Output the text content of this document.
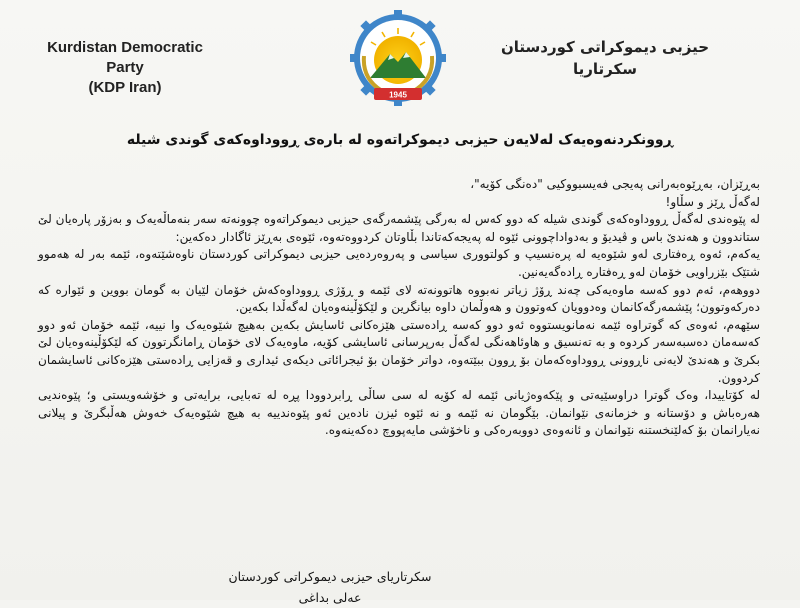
Kurdistan Democratic Party
(KDP Iran)	1945
حیزبی دیموکراتی کوردستان
سکرتاریا
ڕوونکردنەوەیەک لەلایەن حیزبی دیموکراتەوە لە بارەی ڕووداوەکەی گوندی شیلە

بەڕێزان، بەڕێوەبەرانی پەیجی فەیسبووکیی "دەنگی کۆیە"،

لەگەڵ ڕێز و سڵاو!

لە پێوەندی لەگەڵ ڕووداوەکەی گوندی شیلە کە دوو کەس لە بەرگی پێشمەرگەی حیزبی دیموکراتەوە چوونەتە سەر بنەماڵەیەک و بەزۆر پارەیان لێ ستاندوون و هەندێ باس و ڤیدیۆ و بەدواداچوونی ئێوە لە پەیجەکەتاندا بڵاوتان کردووەتەوە، ئێوەی بەڕێز ئاگادار دەکەین:

یەکەم، ئەوە ڕەفتاری لەو شێوەیە لە پرەنسیپ و کولتووری سیاسی و پەروەردەیی حیزبی دیموکراتی کوردستان ناوەشێتەوە، ئێمە بەر لە هەموو شتێک بێزراویی خۆمان لەو ڕەفتارە ڕادەگەیەنین.

دووهەم، ئەم دوو کەسە ماوەیەکی چەند ڕۆژ زیاتر نەبووە هاتوونەتە لای ئێمە و ڕۆژی ڕووداوەکەش خۆمان لێیان بە گومان بووین و ئێوارە کە دەرکەوتوون؛ پێشمەرگەکانمان وەدوویان کەوتوون و هەوڵمان داوە بیانگرین و لێکۆڵینەوەیان لەگەڵدا بکەین.

سێهەم، ئەوەی کە گوتراوە ئێمە نەمانویستووە ئەو دوو کەسە ڕادەستی هێزەکانی ئاسایش بکەین بەهیچ شێوەیەک وا نییە، ئێمە خۆمان ئەو دوو کەسەمان دەسبەسەر کردوە و بە تەنسیق و هاوئاهەنگی لەگەڵ بەرپرسانی ئاسایشی کۆیە، ماوەیەک لای خۆمان ڕامانگرتوون کە لێکۆڵینەوەیان لێ بکرێ و هەندێ لایەنی ناڕوونی ڕووداوەکەمان بۆ ڕوون ببێتەوە، دواتر خۆمان بۆ ئیجرائاتی دیکەی ئیداری و قەزایی ڕادەستی هێزەکانی ئاسایشمان کردوون.

لە کۆتاییدا، وەک گوترا دراوسێیەتی و پێکەوەژیانی ئێمە لە کۆیە لە سی ساڵی ڕابردوودا پڕە لە تەبایی، برایەتی و خۆشەویستی و؛ پێوەندیی هەرەباش و دۆستانە و خزمانەی نێوانمان. بێگومان نە ئێمە و نە ئێوە ئیزن نادەین ئەو پێوەندییە بە هیچ شێوەیەک خەوش هەڵبگرێ و پیلانی نەیارانمان بۆ کەلێنخستنە نێوانمان و ئانەوەی دووبەرەکی و ناخۆشی مایەپووچ دەکەینەوە.

سکرتاریای حیزبی دیموکراتی کوردستان
عەلی بداغی
